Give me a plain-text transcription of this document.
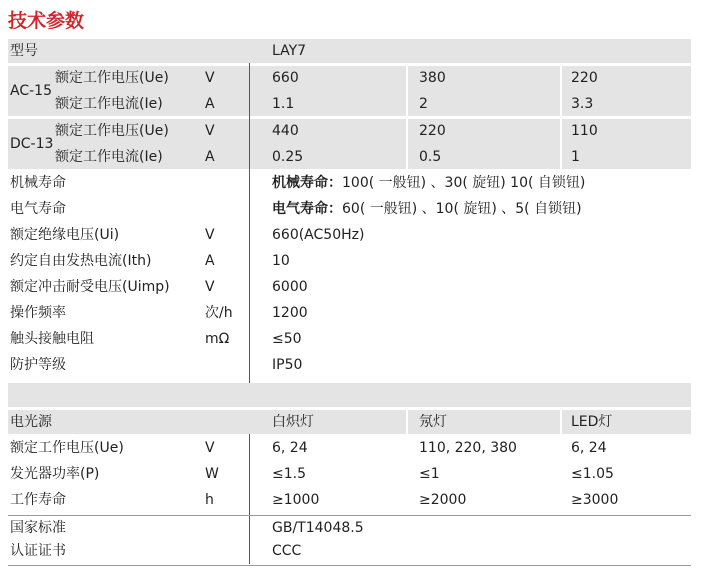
技术参数
型号	LAY7
AC-15
额定工作电压(Ue)	V	660	380	220
额定工作电流(Ie)	A	1.1	2	3.3
DC-13
额定工作电压(Ue)	V	440	220	110
额定工作电流(Ie)	A	0.25	0.5	1
机械寿命	机械寿命：100( 一般钮) 、30( 旋钮) 10( 自锁钮)
电气寿命	电气寿命：60( 一般钮) 、10( 旋钮) 、5( 自锁钮)
额定绝缘电压(Ui)	V	660(AC50Hz)
约定自由发热电流(Ith)	A	10
额定冲击耐受电压(Uimp)	V	6000
操作频率	次/h	1200
触头接触电阻	mΩ	≤50
防护等级	IP50
电光源	白炽灯	氖灯	LED灯
额定工作电压(Ue)	V	6, 24	110, 220, 380	6, 24
发光器功率(P)	W	≤1.5	≤1	≤1.05
工作寿命	h	≥1000	≥2000	≥3000
国家标准	GB/T14048.5
认证证书	CCC
